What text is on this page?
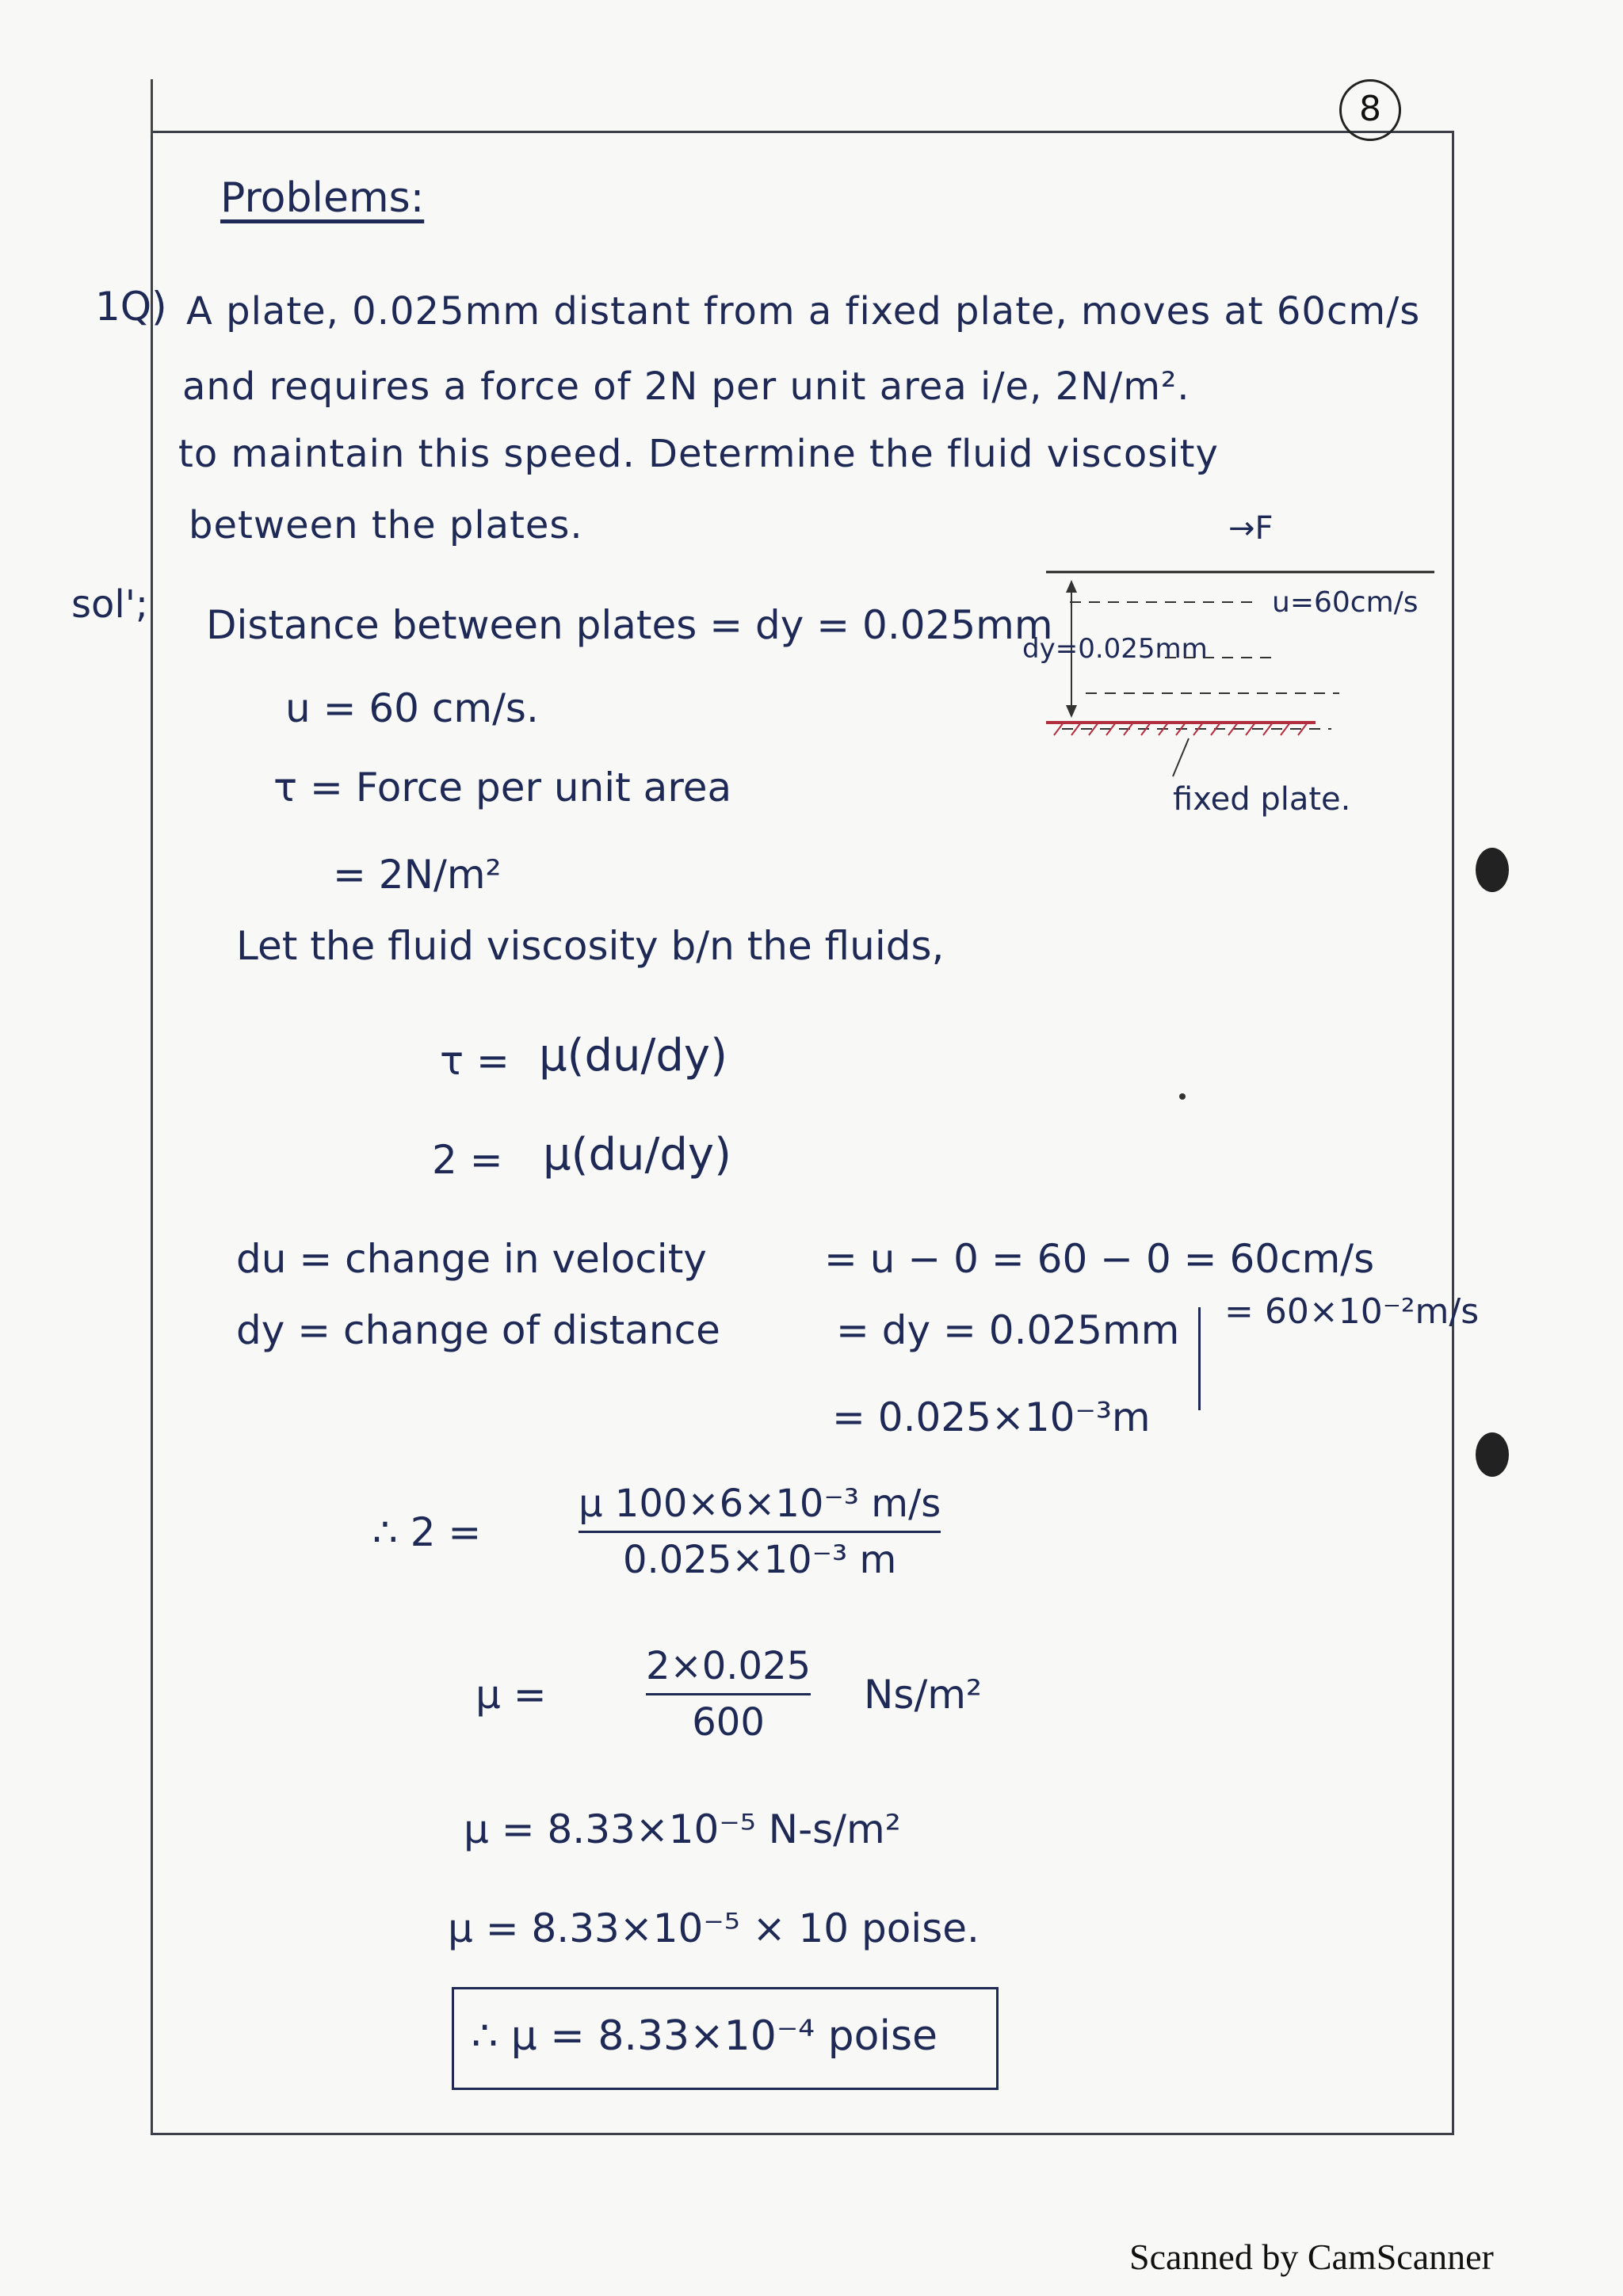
8
Problems:
1Q) A plate, 0.025mm distant from a fixed plate, moves at 60cm/s
and requires a force of 2N per unit area i/e, 2N/m².
to maintain this speed. Determine the fluid viscosity
between the plates.
sol'; Distance between plates = dy = 0.025mm
u = 60 cm/s.
τ = Force per unit area
= 2N/m²
Let the fluid viscosity b/n the fluids,
τ = μ(du/dy)
2 = μ(du/dy)
du = change in velocity	= u − 0 = 60 − 0 = 60cm/s
dy = change of distance	= dy = 0.025mm = 60×10⁻²m/s
= 0.025×10⁻³m
∴ 2 =
μ 100×6×10⁻³ m/s
0.025×10⁻³ m
μ =
2×0.025
600
Ns/m²
μ = 8.33×10⁻⁵ N-s/m²
μ = 8.33×10⁻⁵ × 10 poise.
∴ μ = 8.33×10⁻⁴ poise
→F
u=60cm/s
dy=0.025mm
fixed plate.
Scanned by CamScanner
